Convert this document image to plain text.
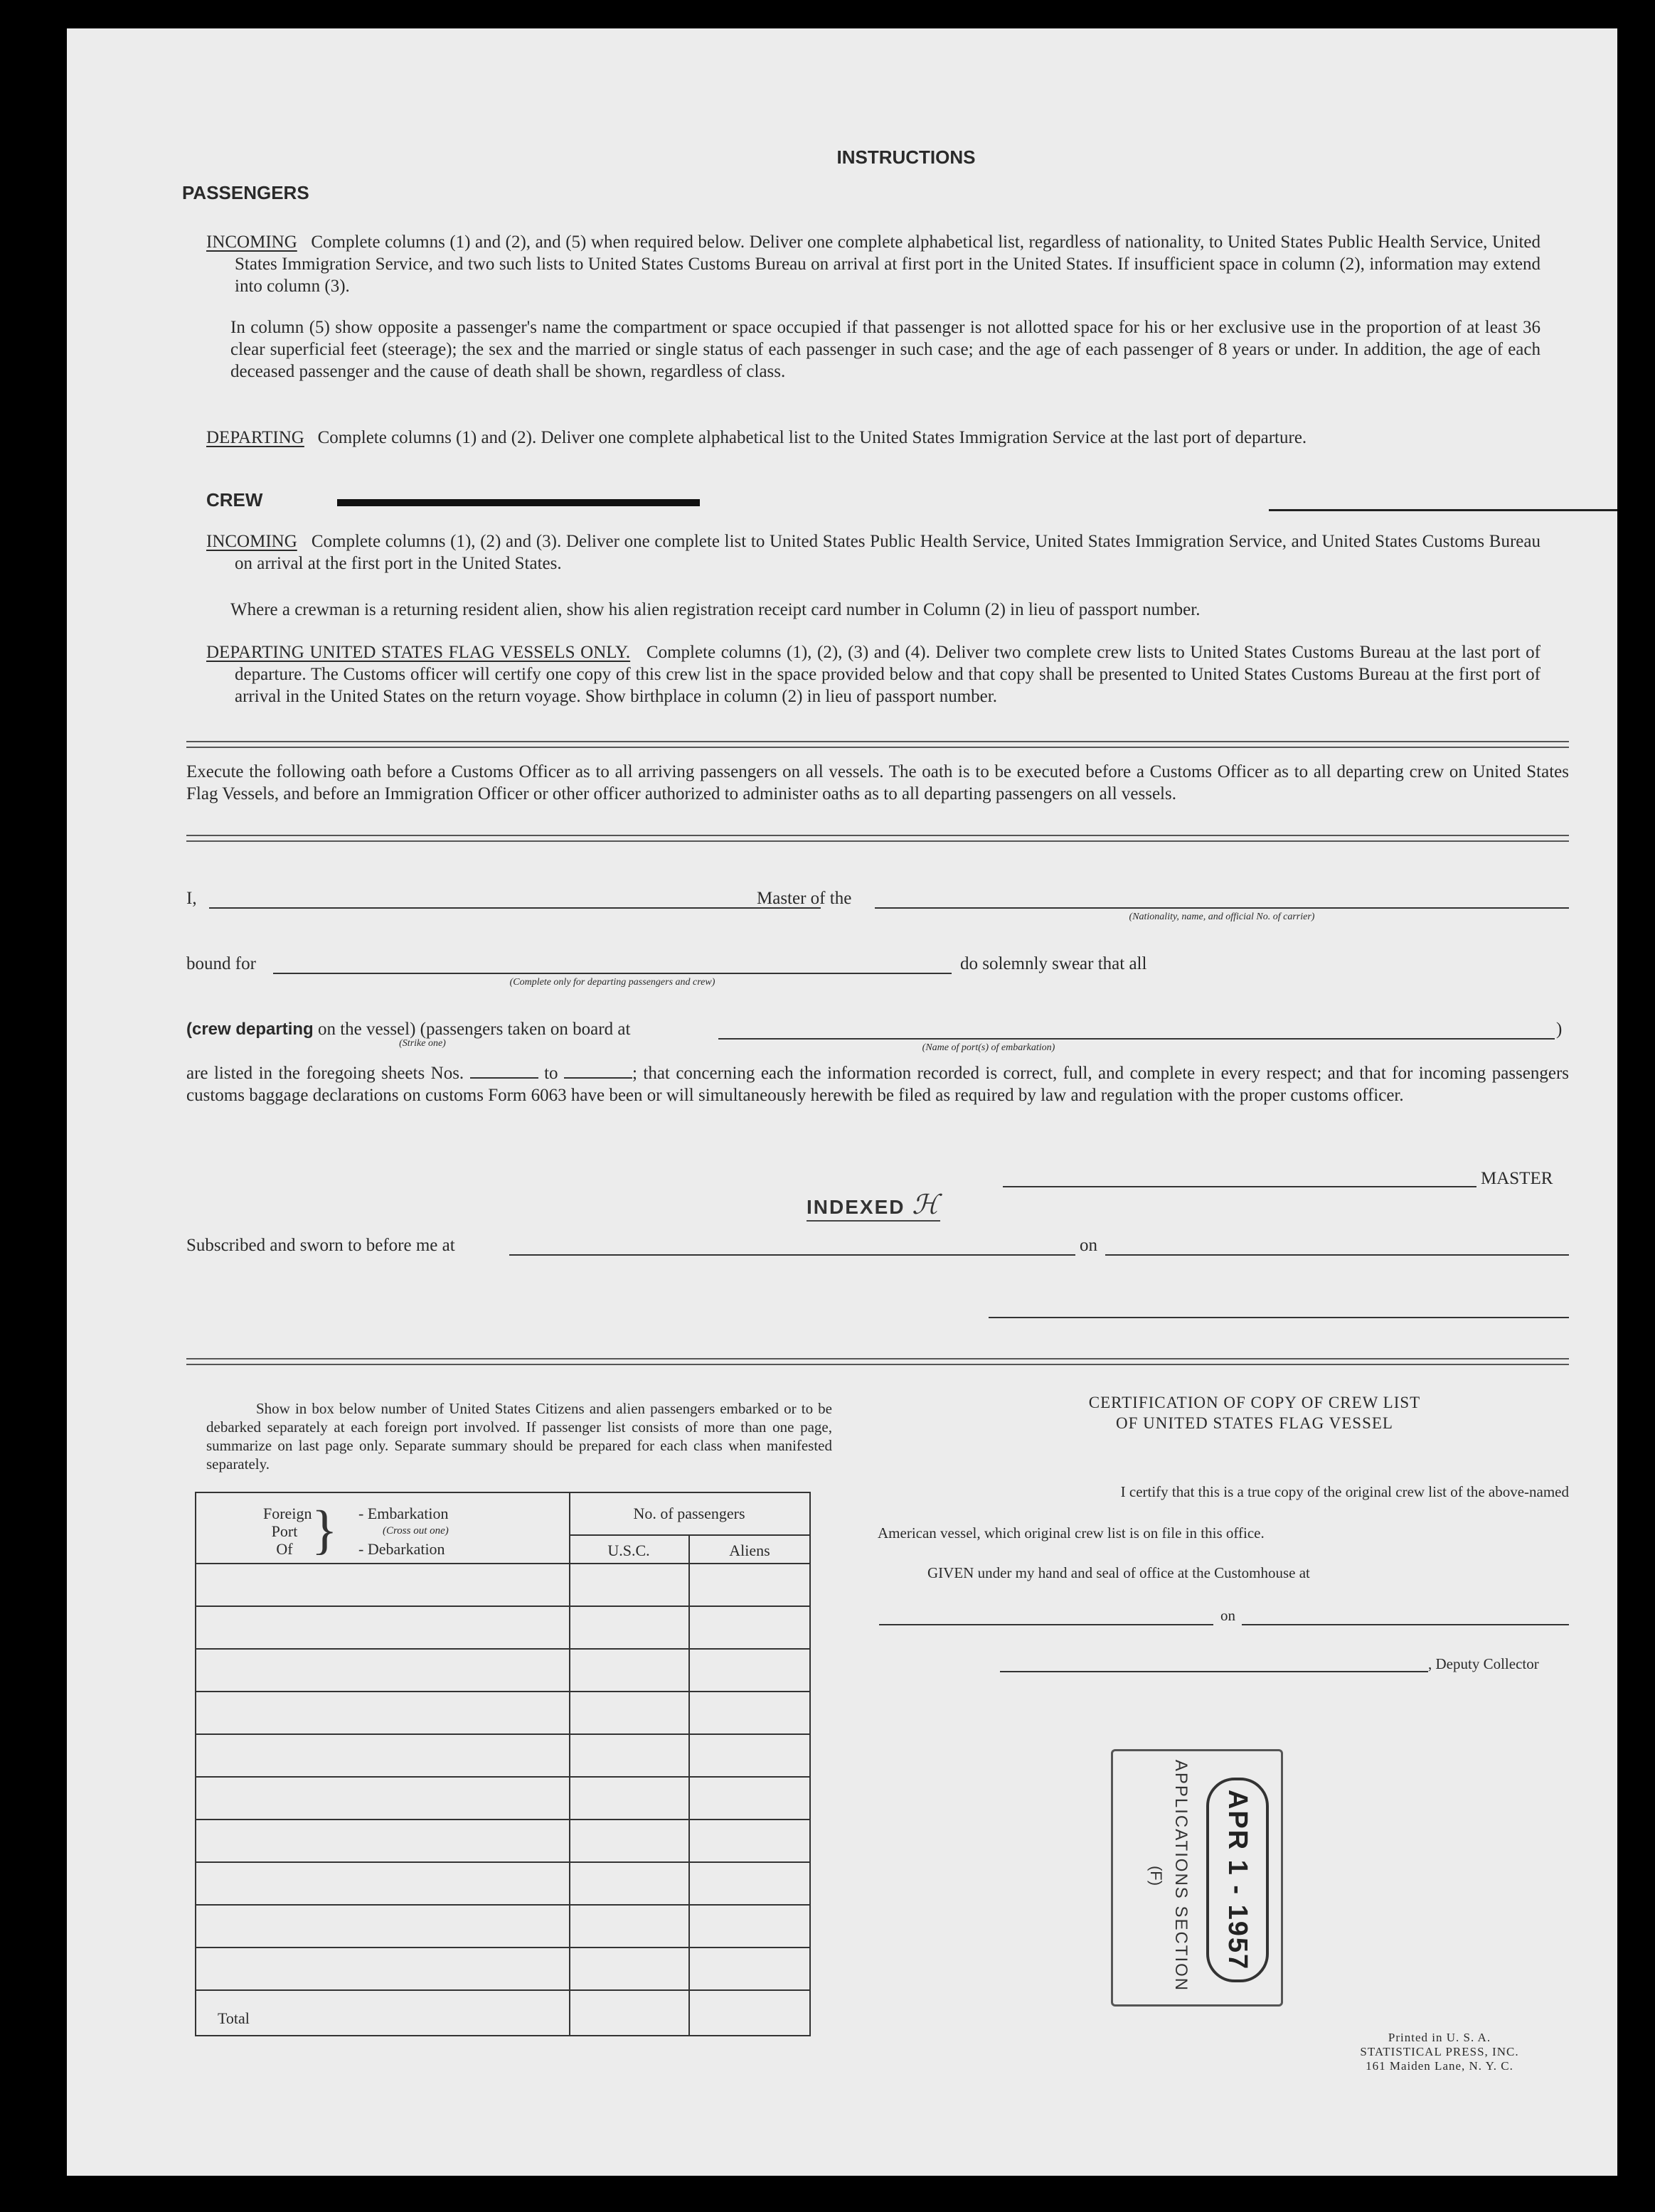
INSTRUCTIONS
PASSENGERS
INCOMING Complete columns (1) and (2), and (5) when required below. Deliver one complete alphabetical list, regardless of nationality, to United States Public Health Service, United States Immigration Service, and two such lists to United States Customs Bureau on arrival at first port in the United States. If insufficient space in column (2), information may extend into column (3).
In column (5) show opposite a passenger's name the compartment or space occupied if that passenger is not allotted space for his or her exclusive use in the proportion of at least 36 clear superficial feet (steerage); the sex and the married or single status of each passenger in such case; and the age of each passenger of 8 years or under. In addition, the age of each deceased passenger and the cause of death shall be shown, regardless of class.
DEPARTING Complete columns (1) and (2). Deliver one complete alphabetical list to the United States Immigration Service at the last port of departure.
CREW
INCOMING Complete columns (1), (2) and (3). Deliver one complete list to United States Public Health Service, United States Immigration Service, and United States Customs Bureau on arrival at the first port in the United States.
Where a crewman is a returning resident alien, show his alien registration receipt card number in Column (2) in lieu of passport number.
DEPARTING UNITED STATES FLAG VESSELS ONLY. Complete columns (1), (2), (3) and (4). Deliver two complete crew lists to United States Customs Bureau at the last port of departure. The Customs officer will certify one copy of this crew list in the space provided below and that copy shall be presented to United States Customs Bureau at the first port of arrival in the United States on the return voyage. Show birthplace in column (2) in lieu of passport number.
Execute the following oath before a Customs Officer as to all arriving passengers on all vessels. The oath is to be executed before a Customs Officer as to all departing crew on United States Flag Vessels, and before an Immigration Officer or other officer authorized to administer oaths as to all departing passengers on all vessels.
I,	Master of the
(Nationality, name, and official No. of carrier)
bound for
(Complete only for departing passengers and crew)
do solemnly swear that all
(crew departing on the vessel) (passengers taken on board at
(Strike one)
)
(Name of port(s) of embarkation)
are listed in the foregoing sheets Nos.	to	; that concerning each the information recorded is correct, full, and complete in every respect; and that for incoming passengers customs baggage declarations on customs Form 6063 have been or will simultaneously herewith be filed as required by law and regulation with the proper customs officer.
MASTER
INDEXED ℋ
Subscribed and sworn to before me at	on
Show in box below number of United States Citizens and alien passengers embarked or to be debarked separately at each foreign port involved. If passenger list consists of more than one page, summarize on last page only. Separate summary should be prepared for each class when manifested separately.
Foreign
Port
Of } - Embarkation
(Cross out one)
- Debarkation
No. of passengers
U.S.C.	Aliens
Total
CERTIFICATION OF COPY OF CREW LIST
OF UNITED STATES FLAG VESSEL
I certify that this is a true copy of the original crew list of the above-named
American vessel, which original crew list is on file in this office.
GIVEN under my hand and seal of office at the Customhouse at
on
, Deputy Collector
APR 1 - 1957
APPLICATIONS SECTION
(F)
Printed in U. S. A.
STATISTICAL PRESS, INC.
161 Maiden Lane, N. Y. C.
